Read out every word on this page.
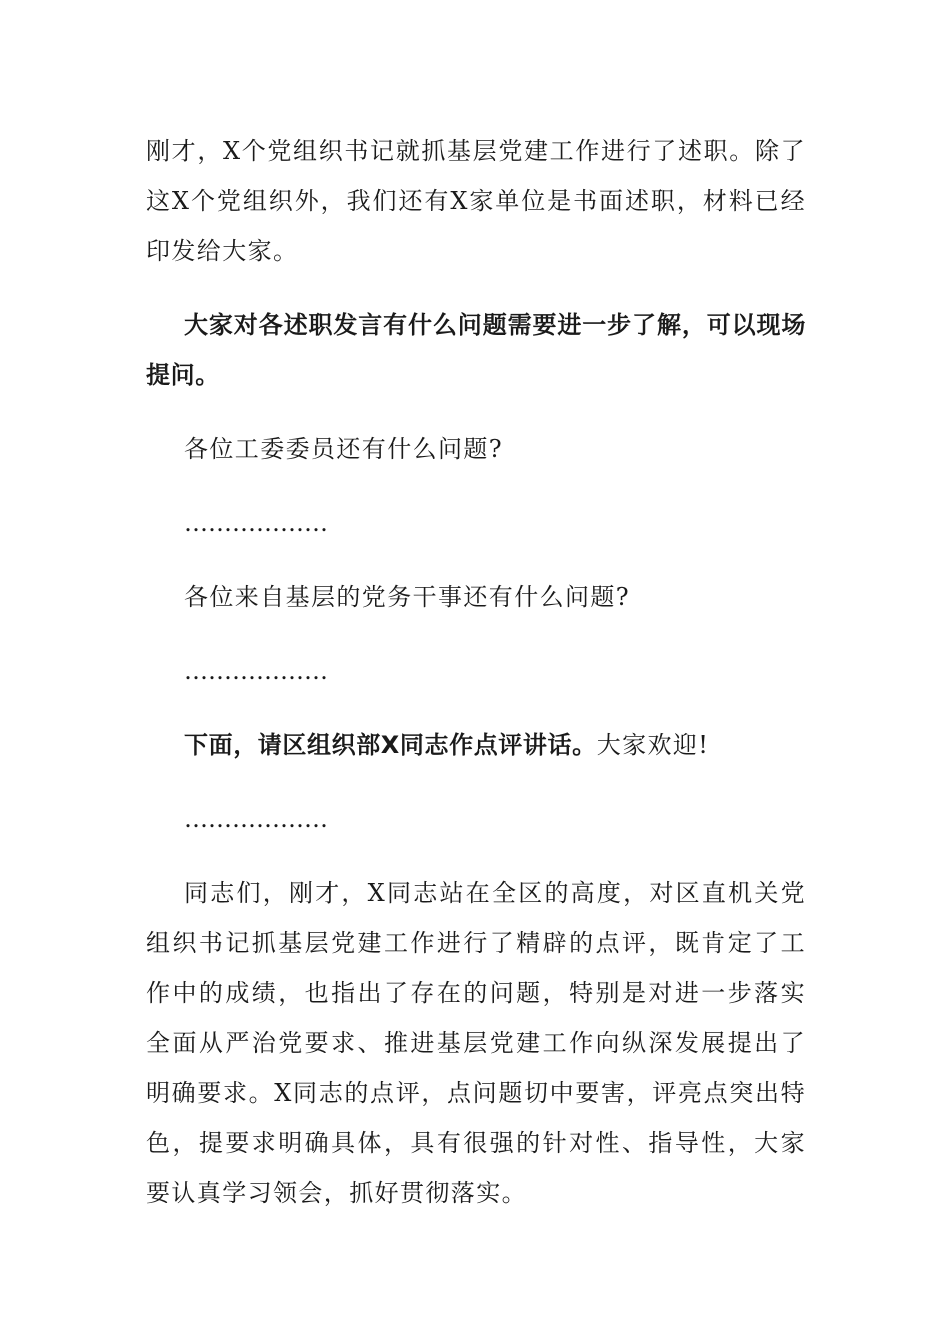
刚才，X个党组织书记就抓基层党建工作进行了述职。除了这X个党组织外，我们还有X家单位是书面述职，材料已经印发给大家。

大家对各述职发言有什么问题需要进一步了解，可以现场提问。

各位工委委员还有什么问题?

………………

各位来自基层的党务干事还有什么问题?

………………

下面，请区组织部X同志作点评讲话。大家欢迎!

………………

同志们，刚才，X同志站在全区的高度，对区直机关党组织书记抓基层党建工作进行了精辟的点评，既肯定了工作中的成绩，也指出了存在的问题，特别是对进一步落实全面从严治党要求、推进基层党建工作向纵深发展提出了明确要求。X同志的点评，点问题切中要害，评亮点突出特色，提要求明确具体，具有很强的针对性、指导性，大家要认真学习领会，抓好贯彻落实。
